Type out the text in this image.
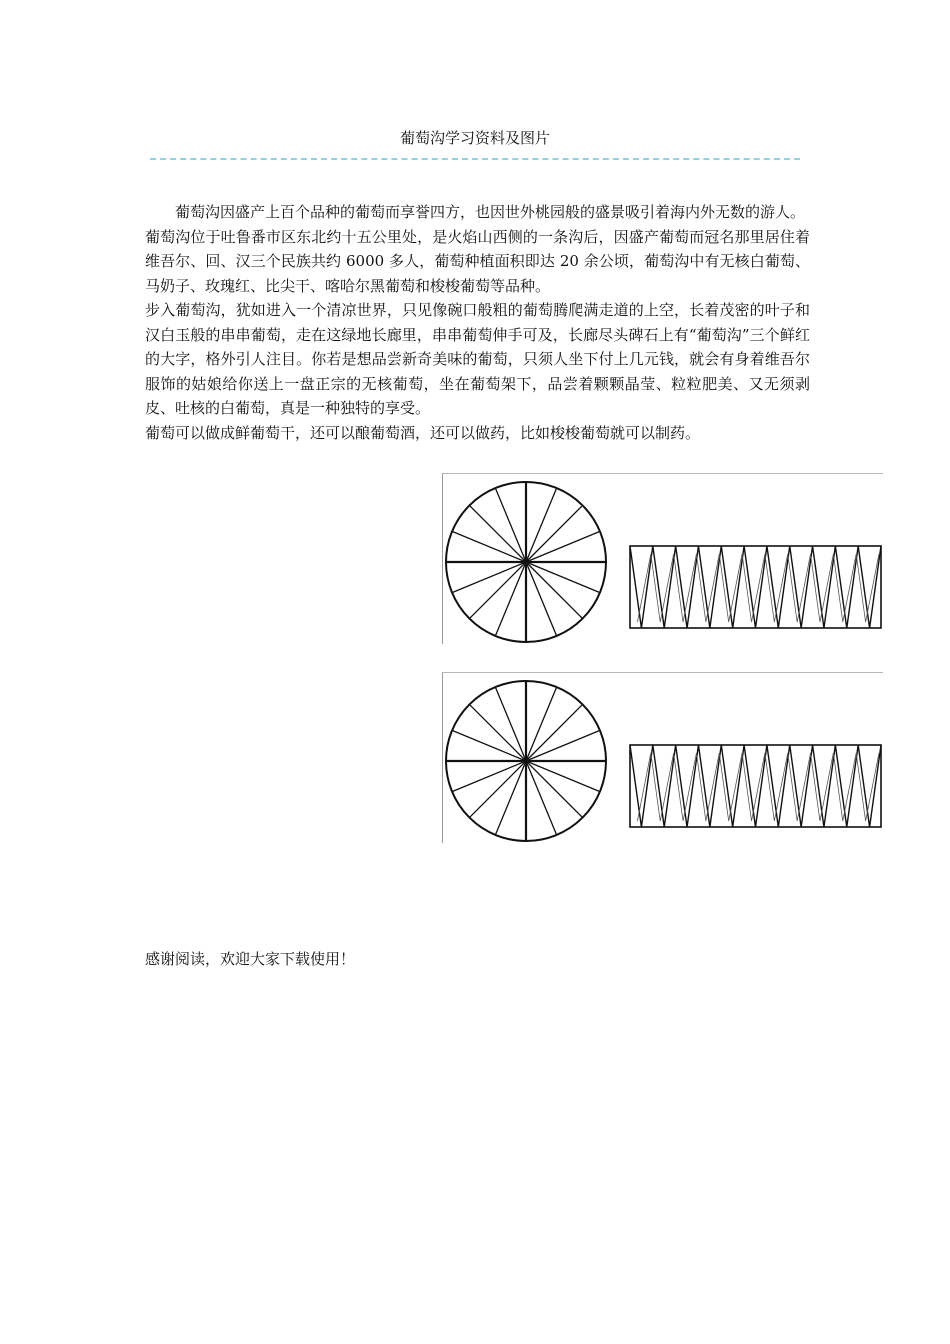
葡萄沟学习资料及图片

葡萄沟因盛产上百个品种的葡萄而享誉四方，也因世外桃园般的盛景吸引着海内外无数的游人。

葡萄沟位于吐鲁番市区东北约十五公里处，是火焰山西侧的一条沟后，因盛产葡萄而冠名那里居住着维吾尔、回、汉三个民族共约 6000 多人，葡萄种植面积即达 20 余公顷，葡萄沟中有无核白葡萄、马奶子、玫瑰红、比尖干、喀哈尔黑葡萄和梭梭葡萄等品种。

步入葡萄沟，犹如进入一个清凉世界，只见像碗口般粗的葡萄腾爬满走道的上空，长着茂密的叶子和汉白玉般的串串葡萄，走在这绿地长廊里，串串葡萄伸手可及，长廊尽头碑石上有“葡萄沟”三个鲜红的大字，格外引人注目。你若是想品尝新奇美味的葡萄，只须人坐下付上几元钱，就会有身着维吾尔服饰的姑娘给你送上一盘正宗的无核葡萄，坐在葡萄架下，品尝着颗颗晶莹、粒粒肥美、又无须剥皮、吐核的白葡萄，真是一种独特的享受。

葡萄可以做成鲜葡萄干，还可以酿葡萄酒，还可以做药，比如梭梭葡萄就可以制药。

感谢阅读，欢迎大家下载使用！
